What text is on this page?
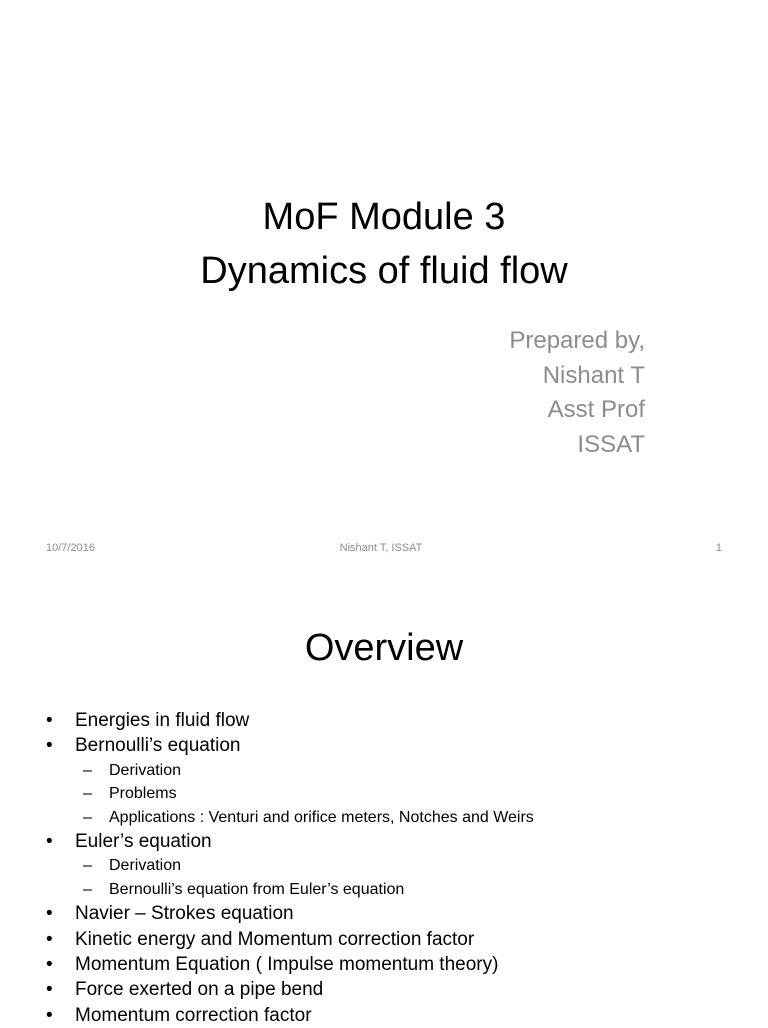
MoF Module 3
Dynamics of fluid flow
Prepared by,
Nishant T
Asst Prof
ISSAT
10/7/2016	Nishant T, ISSAT	1
Overview
• Energies in fluid flow
• Bernoulli’s equation
– Derivation
– Problems
– Applications : Venturi and orifice meters, Notches and Weirs
• Euler’s equation
– Derivation
– Bernoulli’s equation from Euler’s equation
• Navier – Strokes equation
• Kinetic energy and Momentum correction factor
• Momentum Equation ( Impulse momentum theory)
• Force exerted on a pipe bend
• Momentum correction factor
